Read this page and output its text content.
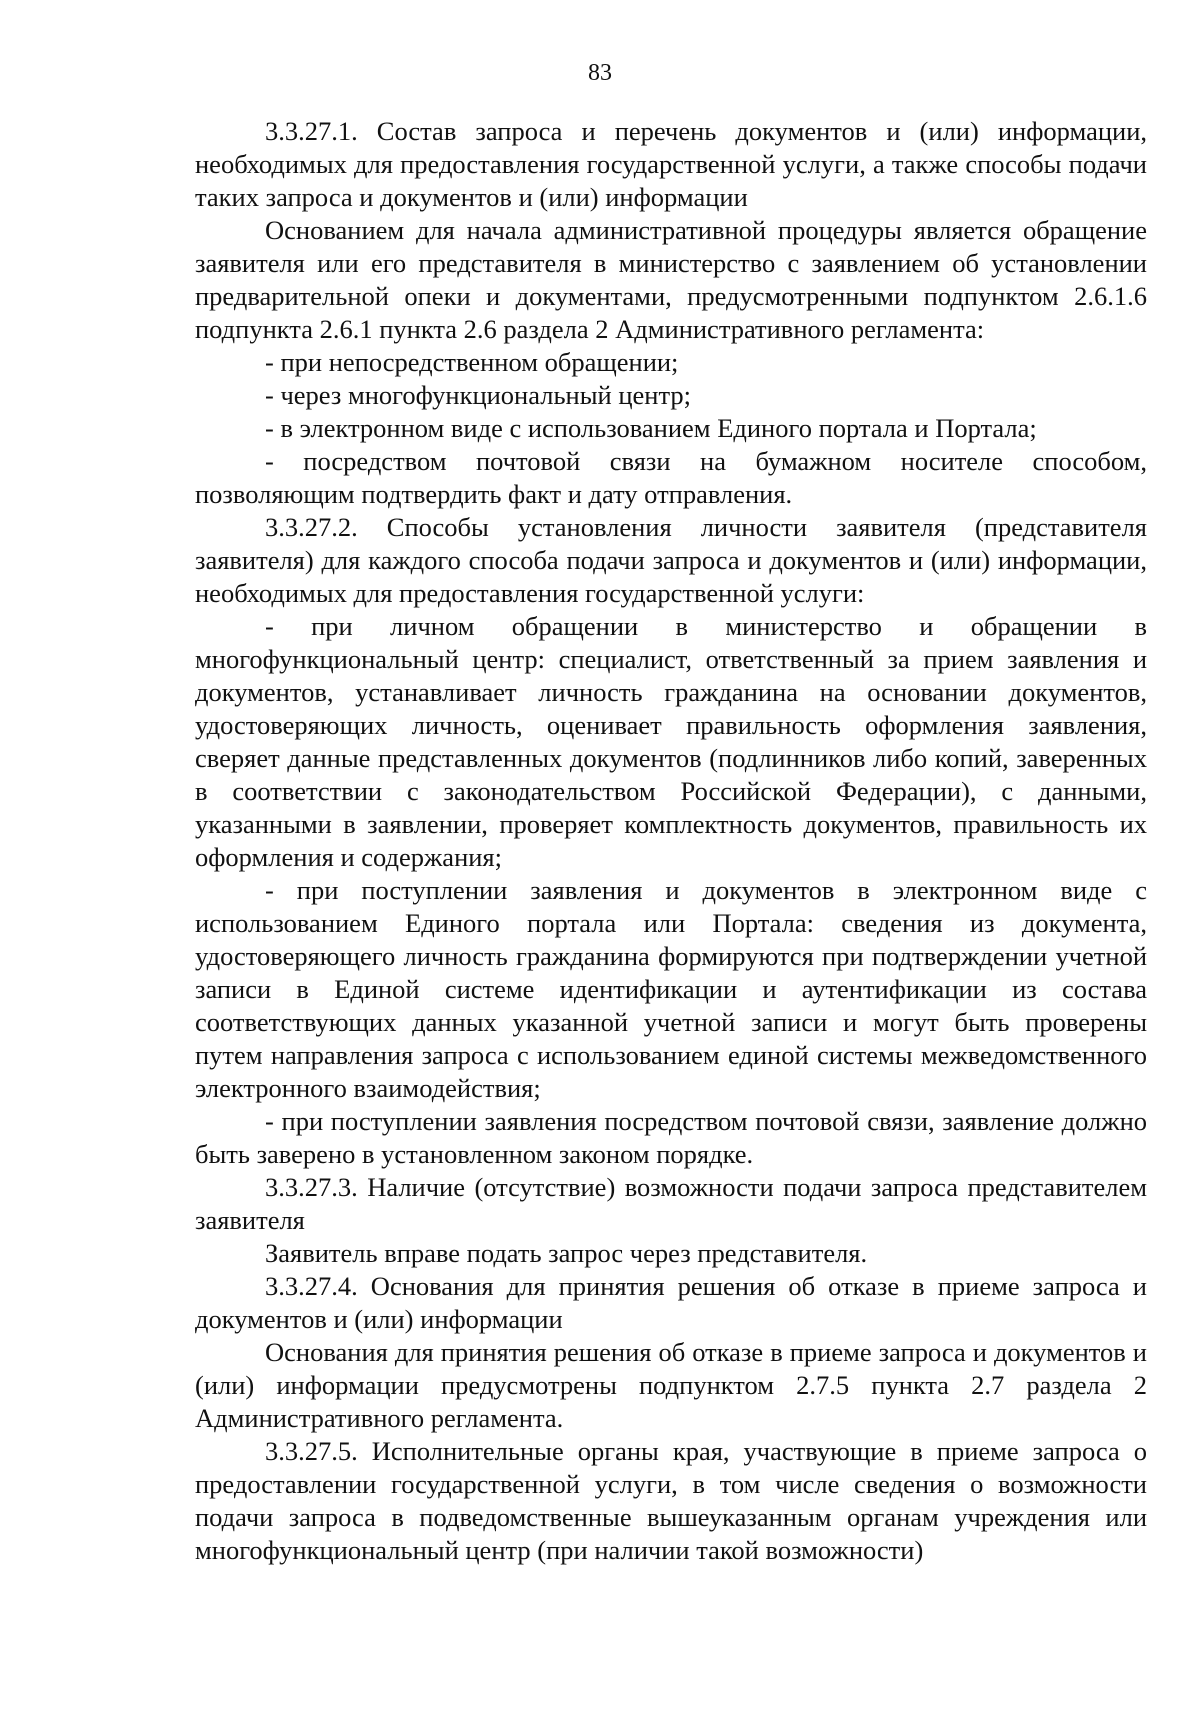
83

3.3.27.1. Состав запроса и перечень документов и (или) информации, необходимых для предоставления государственной услуги, а также способы подачи таких запроса и документов и (или) информации

Основанием для начала административной процедуры является обращение заявителя или его представителя в министерство с заявлением об установлении предварительной опеки и документами, предусмотренными подпунктом 2.6.1.6 подпункта 2.6.1 пункта 2.6 раздела 2 Административного регламента:

- при непосредственном обращении;

- через многофункциональный центр;

- в электронном виде с использованием Единого портала и Портала;

- посредством почтовой связи на бумажном носителе способом, позволяющим подтвердить факт и дату отправления.

3.3.27.2. Способы установления личности заявителя (представителя заявителя) для каждого способа подачи запроса и документов и (или) информации, необходимых для предоставления государственной услуги:

- при личном обращении в министерство и обращении в многофункциональный центр: специалист, ответственный за прием заявления и документов, устанавливает личность гражданина на основании документов, удостоверяющих личность, оценивает правильность оформления заявления, сверяет данные представленных документов (подлинников либо копий, заверенных в соответствии с законодательством Российской Федерации), с данными, указанными в заявлении, проверяет комплектность документов, правильность их оформления и содержания;

- при поступлении заявления и документов в электронном виде с использованием Единого портала или Портала: сведения из документа, удостоверяющего личность гражданина формируются при подтверждении учетной записи в Единой системе идентификации и аутентификации из состава соответствующих данных указанной учетной записи и могут быть проверены путем направления запроса с использованием единой системы межведомственного электронного взаимодействия;

- при поступлении заявления посредством почтовой связи, заявление должно быть заверено в установленном законом порядке.

3.3.27.3. Наличие (отсутствие) возможности подачи запроса представителем заявителя

Заявитель вправе подать запрос через представителя.

3.3.27.4. Основания для принятия решения об отказе в приеме запроса и документов и (или) информации

Основания для принятия решения об отказе в приеме запроса и документов и (или) информации предусмотрены подпунктом 2.7.5 пункта 2.7 раздела 2 Административного регламента.

3.3.27.5. Исполнительные органы края, участвующие в приеме запроса о предоставлении государственной услуги, в том числе сведения о возможности подачи запроса в подведомственные вышеуказанным органам учреждения или многофункциональный центр (при наличии такой возможности)
